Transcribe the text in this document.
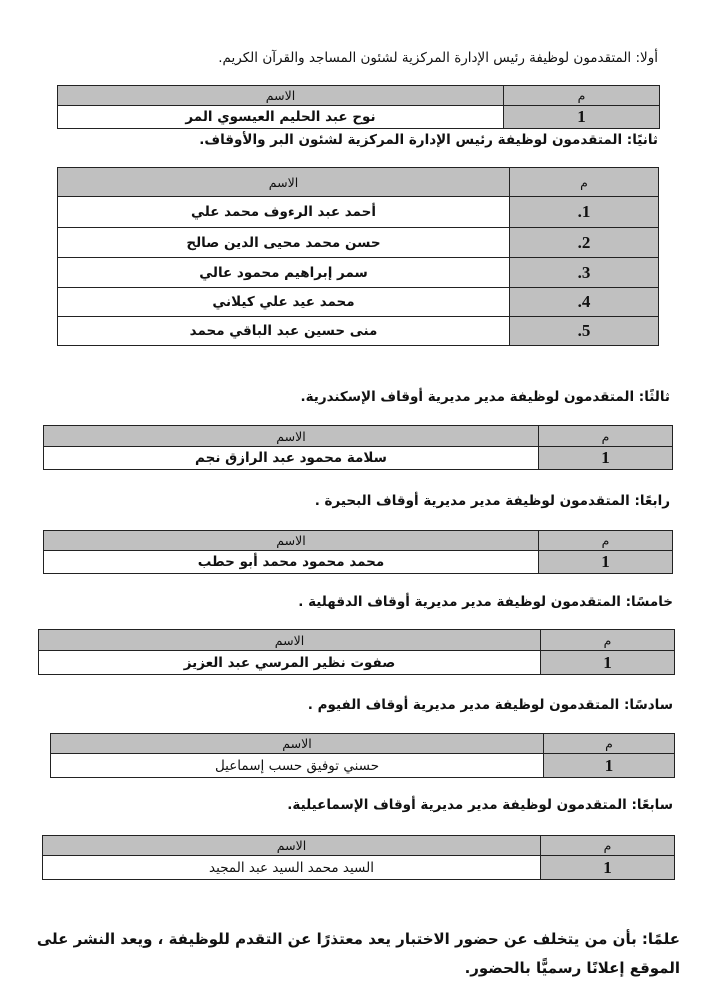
أولا: المتقدمون لوظيفة رئيس الإدارة المركزية لشئون المساجد والقرآن الكريم.
م	الاسم
1	نوح عبد الحليم العيسوي المر
ثانيًا: المتقدمون لوظيفة رئيس الإدارة المركزية لشئون البر والأوقاف.
م	الاسم
.1	أحمد عبد الرءوف محمد علي
.2	حسن محمد محيى الدين صالح
.3	سمر إبراهيم محمود عالي
.4	محمد عيد علي كيلاني
.5	منى حسين عبد الباقي محمد
ثالثًا: المتقدمون لوظيفة مدير مديرية أوقاف الإسكندرية.
م	الاسم
1	سلامة محمود عبد الرازق نجم
رابعًا: المتقدمون لوظيفة مدير مديرية أوقاف البحيرة .
م	الاسم
1	محمد محمود محمد أبو حطب
خامسًا: المتقدمون لوظيفة مدير مديرية أوقاف الدقهلية .
م	الاسم
1	صفوت نظير المرسي عبد العزيز
سادسًا: المتقدمون لوظيفة مدير مديرية أوقاف الفيوم .
م	الاسم
1	حسني توفيق حسب إسماعيل
سابعًا: المتقدمون لوظيفة مدير مديرية أوقاف الإسماعيلية.
م	الاسم
1	السيد محمد السيد عبد المجيد
علمًا: بأن من يتخلف عن حضور الاختبار يعد معتذرًا عن التقدم للوظيفة ، ويعد النشر على الموقع إعلانًا رسميًّا بالحضور.
